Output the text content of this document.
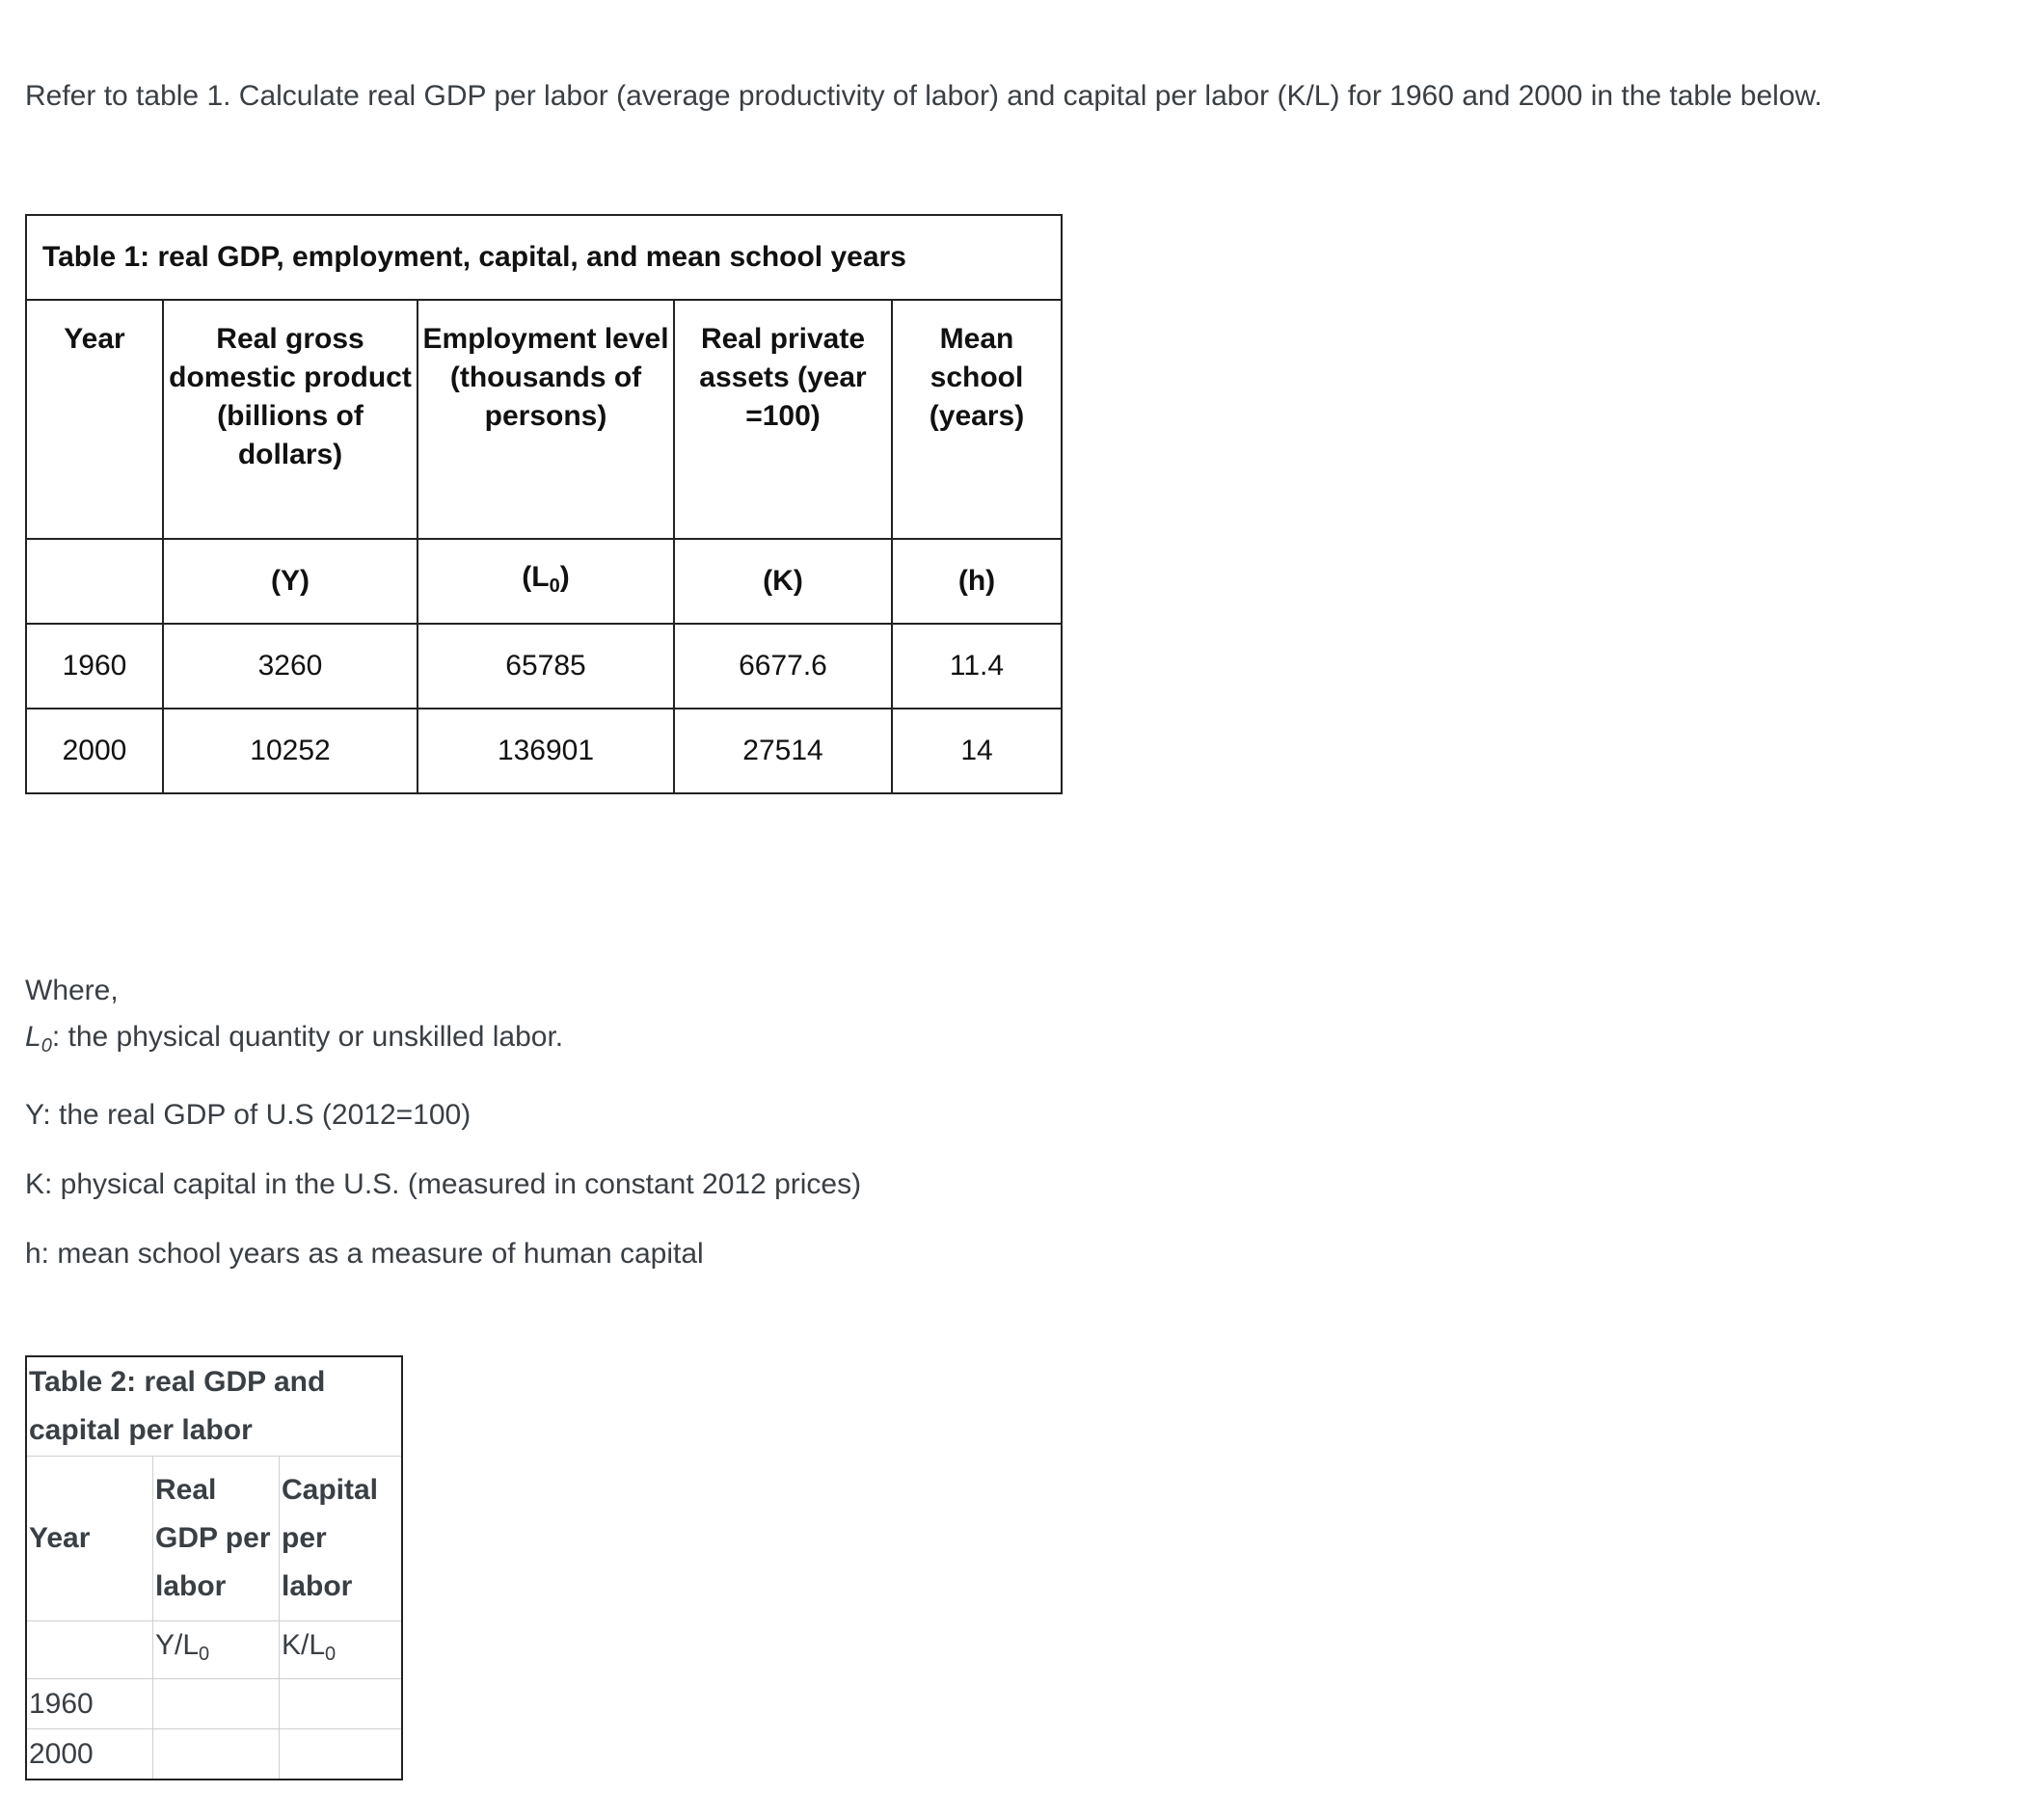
Refer to table 1. Calculate real GDP per labor (average productivity of labor) and capital per labor (K/L) for 1960 and 2000 in the table below.

Table 1: real GDP, employment, capital, and mean school years				
Year	Real gross domestic product (billions of dollars)	Employment level (thousands of persons)	Real private assets (year =100)	Mean school (years)
	(Y)	$(L_0)$	(K)	(h)
1960	3260	65785	6677.6	11.4
2000	10252	136901	27514	14

Where,

$L_0$: the physical quantity or unskilled labor.

Y: the real GDP of U.S (2012=100)

K: physical capital in the U.S. (measured in constant 2012 prices)

h: mean school years as a measure of human capital

Table 2: real GDP and capital per labor		

Year	Real GDP per labor	Capital per labor
	$Y/L_0$	$K/L_0$
1960		
2000		
